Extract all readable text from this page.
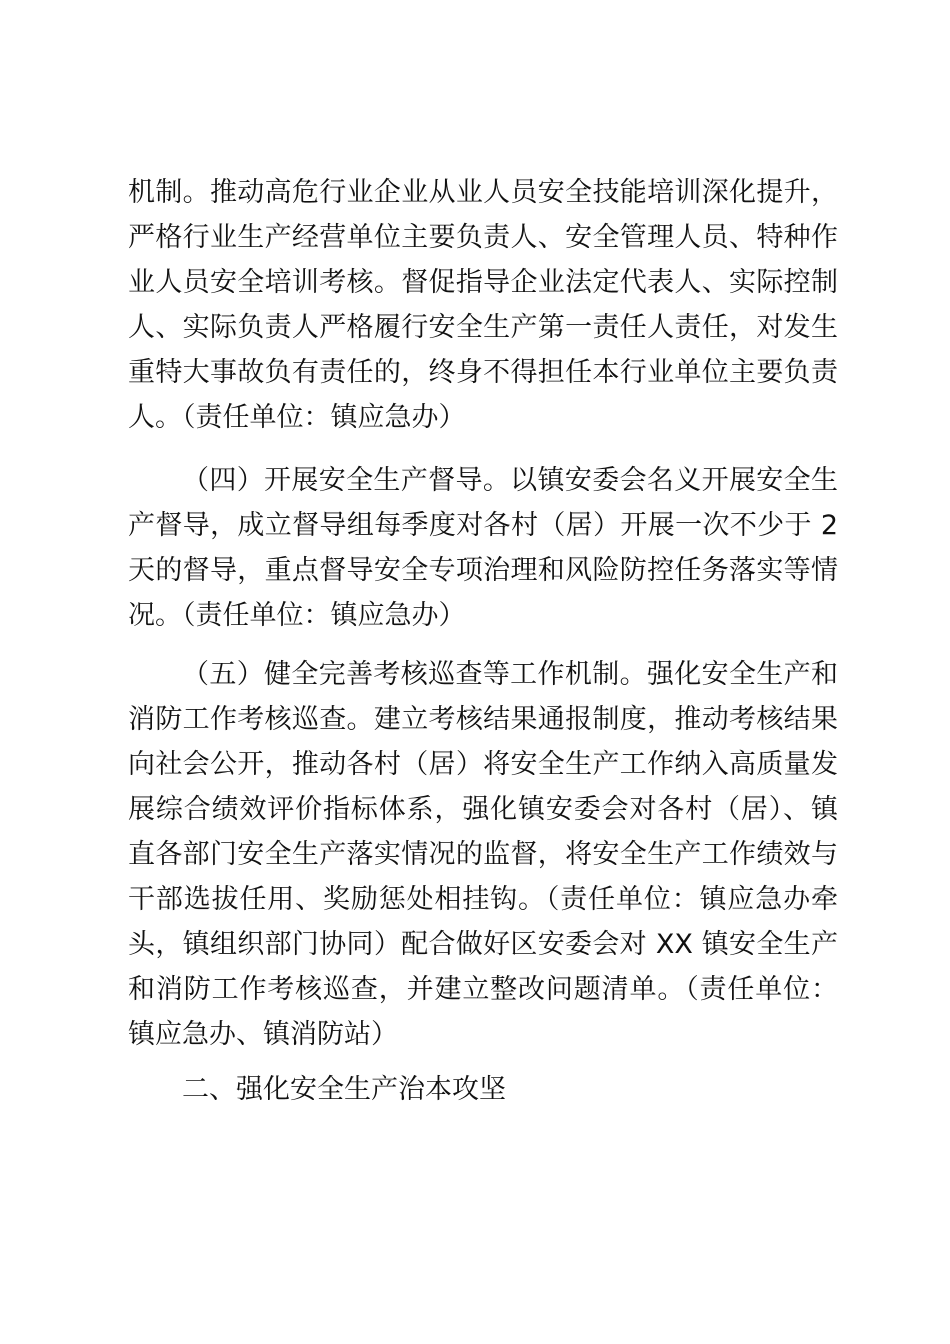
机制。推动高危行业企业从业人员安全技能培训深化提升，严格行业生产经营单位主要负责人、安全管理人员、特种作业人员安全培训考核。督促指导企业法定代表人、实际控制人、实际负责人严格履行安全生产第一责任人责任，对发生重特大事故负有责任的，终身不得担任本行业单位主要负责人。（责任单位：镇应急办）
（四）开展安全生产督导。以镇安委会名义开展安全生产督导，成立督导组每季度对各村（居）开展一次不少于 2 天的督导，重点督导安全专项治理和风险防控任务落实等情况。（责任单位：镇应急办）
（五）健全完善考核巡查等工作机制。强化安全生产和消防工作考核巡查。建立考核结果通报制度，推动考核结果向社会公开，推动各村（居）将安全生产工作纳入高质量发展综合绩效评价指标体系，强化镇安委会对各村（居）、镇直各部门安全生产落实情况的监督，将安全生产工作绩效与干部选拔任用、奖励惩处相挂钩。（责任单位：镇应急办牵头，镇组织部门协同）配合做好区安委会对 XX 镇安全生产和消防工作考核巡查，并建立整改问题清单。（责任单位：镇应急办、镇消防站）
二、强化安全生产治本攻坚
